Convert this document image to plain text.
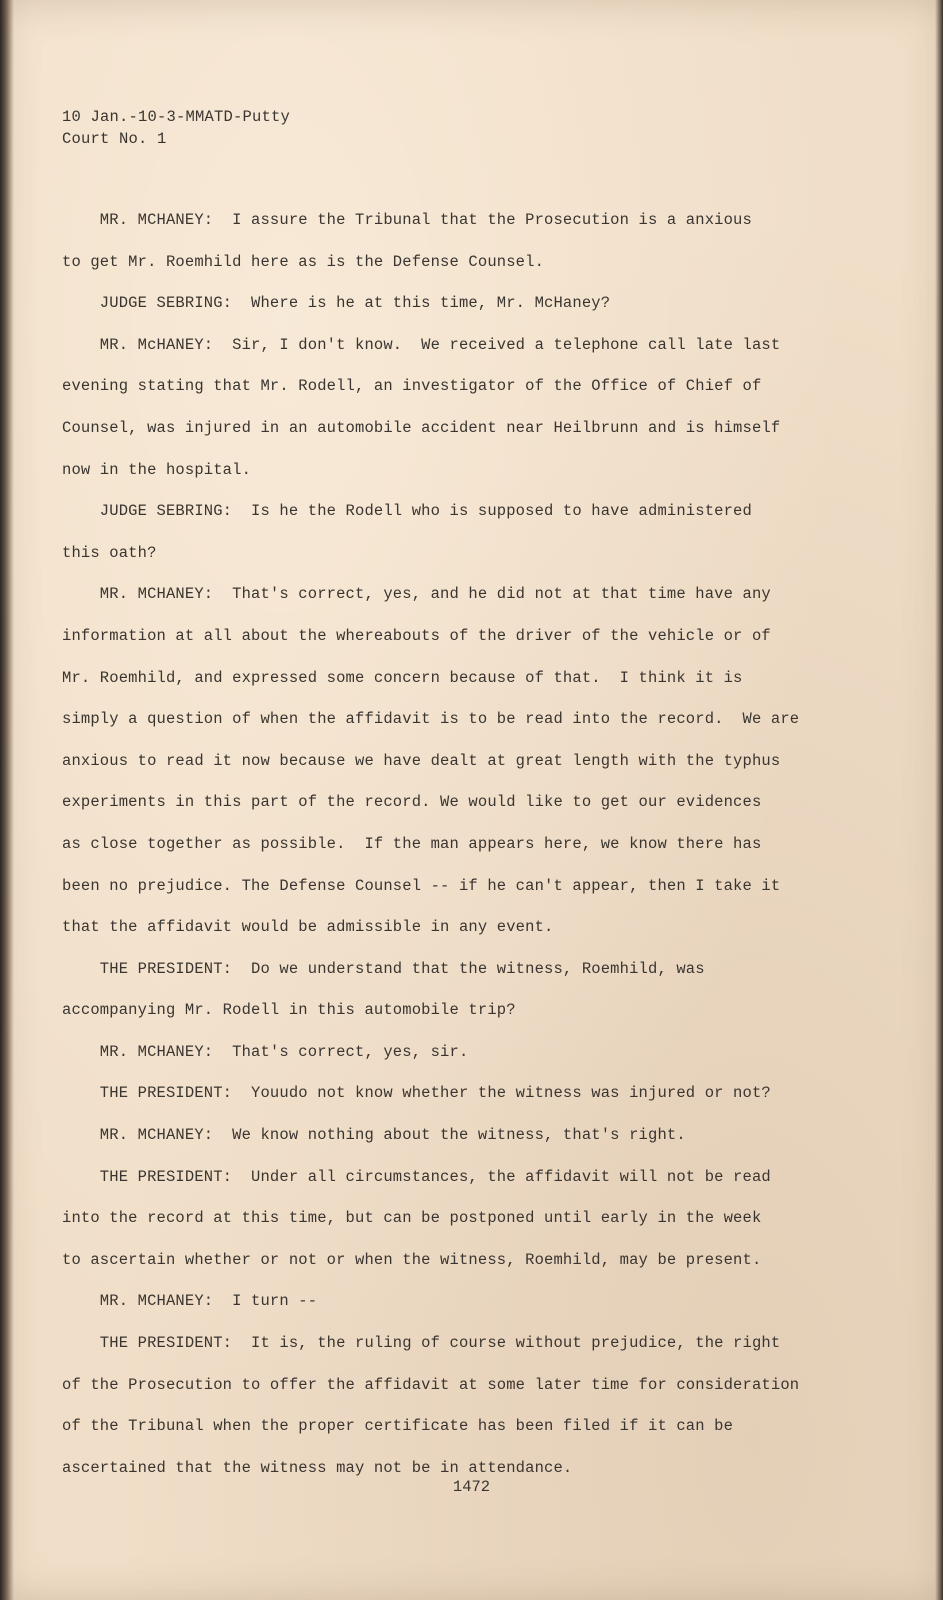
10 Jan.-10-3-MMATD-Putty
Court No. 1
MR. MCHANEY:  I assure the Tribunal that the Prosecution is a anxious
to get Mr. Roemhild here as is the Defense Counsel.
JUDGE SEBRING:  Where is he at this time, Mr. McHaney?
MR. McHANEY:  Sir, I don't know.  We received a telephone call late last
evening stating that Mr. Rodell, an investigator of the Office of Chief of
Counsel, was injured in an automobile accident near Heilbrunn and is himself
now in the hospital.
JUDGE SEBRING:  Is he the Rodell who is supposed to have administered
this oath?
MR. MCHANEY:  That's correct, yes, and he did not at that time have any
information at all about the whereabouts of the driver of the vehicle or of
Mr. Roemhild, and expressed some concern because of that.  I think it is
simply a question of when the affidavit is to be read into the record.  We are
anxious to read it now because we have dealt at great length with the typhus
experiments in this part of the record. We would like to get our evidences
as close together as possible.  If the man appears here, we know there has
been no prejudice. The Defense Counsel -- if he can't appear, then I take it
that the affidavit would be admissible in any event.
THE PRESIDENT:  Do we understand that the witness, Roemhild, was
accompanying Mr. Rodell in this automobile trip?
MR. MCHANEY:  That's correct, yes, sir.
THE PRESIDENT:  Youudo not know whether the witness was injured or not?
MR. MCHANEY:  We know nothing about the witness, that's right.
THE PRESIDENT:  Under all circumstances, the affidavit will not be read
into the record at this time, but can be postponed until early in the week
to ascertain whether or not or when the witness, Roemhild, may be present.
MR. MCHANEY:  I turn --
THE PRESIDENT:  It is, the ruling of course without prejudice, the right
of the Prosecution to offer the affidavit at some later time for consideration
of the Tribunal when the proper certificate has been filed if it can be
ascertained that the witness may not be in attendance.
1472
